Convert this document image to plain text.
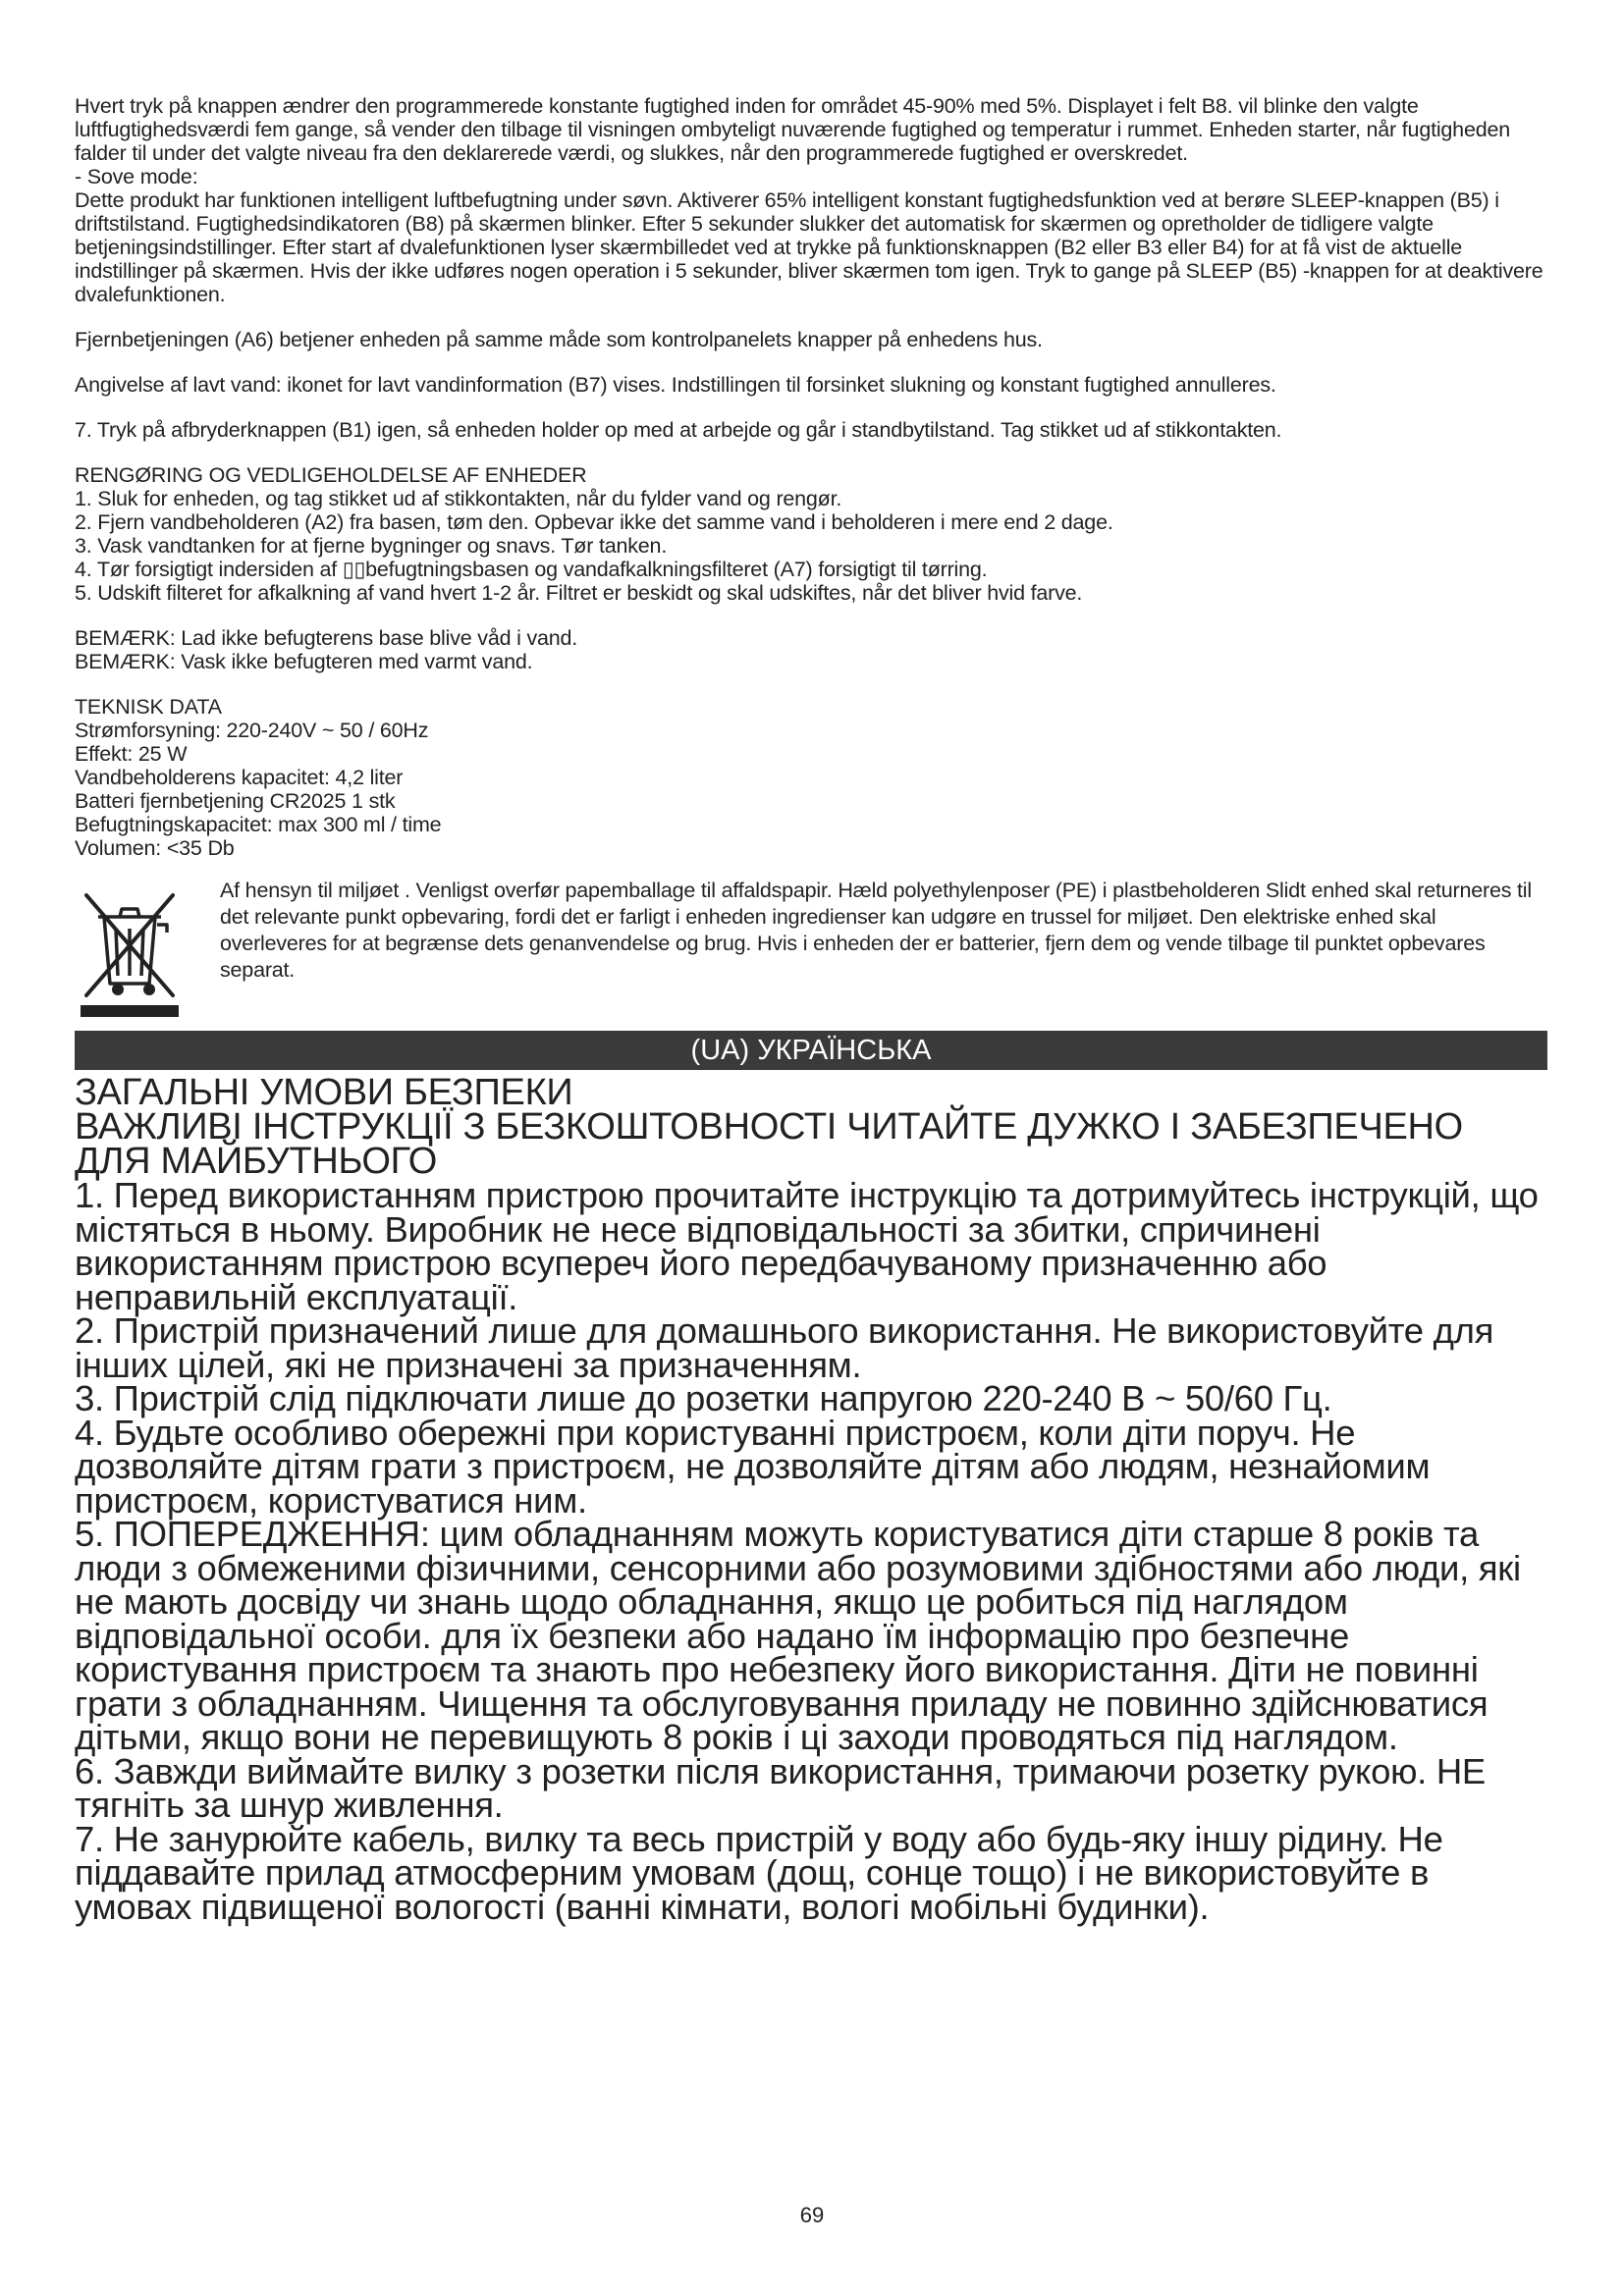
Hvert tryk på knappen ændrer den programmerede konstante fugtighed inden for området 45-90% med 5%. Displayet i felt B8. vil blinke den valgte luftfugtighedsværdi fem gange, så vender den tilbage til visningen ombyteligt nuværende fugtighed og temperatur i rummet. Enheden starter, når fugtigheden falder til under det valgte niveau fra den deklarerede værdi, og slukkes, når den programmerede fugtighed er overskredet.

- Sove mode:

Dette produkt har funktionen intelligent luftbefugtning under søvn. Aktiverer 65% intelligent konstant fugtighedsfunktion ved at berøre SLEEP-knappen (B5) i driftstilstand. Fugtighedsindikatoren (B8) på skærmen blinker. Efter 5 sekunder slukker det automatisk for skærmen og opretholder de tidligere valgte betjeningsindstillinger. Efter start af dvalefunktionen lyser skærmbilledet ved at trykke på funktionsknappen (B2 eller B3 eller B4) for at få vist de aktuelle indstillinger på skærmen. Hvis der ikke udføres nogen operation i 5 sekunder, bliver skærmen tom igen. Tryk to gange på SLEEP (B5) -knappen for at deaktivere dvalefunktionen.

Fjernbetjeningen (A6) betjener enheden på samme måde som kontrolpanelets knapper på enhedens hus.

Angivelse af lavt vand: ikonet for lavt vandinformation (B7) vises. Indstillingen til forsinket slukning og konstant fugtighed annulleres.

7. Tryk på afbryderknappen (B1) igen, så enheden holder op med at arbejde og går i standbytilstand. Tag stikket ud af stikkontakten.

RENGØRING OG VEDLIGEHOLDELSE AF ENHEDER

1. Sluk for enheden, og tag stikket ud af stikkontakten, når du fylder vand og rengør.

2. Fjern vandbeholderen (A2) fra basen, tøm den. Opbevar ikke det samme vand i beholderen i mere end 2 dage.

3. Vask vandtanken for at fjerne bygninger og snavs. Tør tanken.

4. Tør forsigtigt indersiden af ▯▯befugtningsbasen og vandafkalkningsfilteret (A7) forsigtigt til tørring.

5. Udskift filteret for afkalkning af vand hvert 1-2 år. Filtret er beskidt og skal udskiftes, når det bliver hvid farve.

BEMÆRK: Lad ikke befugterens base blive våd i vand.

BEMÆRK: Vask ikke befugteren med varmt vand.

TEKNISK DATA

Strømforsyning: 220-240V ~ 50 / 60Hz

Effekt: 25 W

Vandbeholderens kapacitet: 4,2 liter

Batteri fjernbetjening CR2025 1 stk

Befugtningskapacitet: max 300 ml / time

Volumen: <35 Db

Af hensyn til miljøet . Venligst overfør papemballage til affaldspapir. Hæld polyethylenposer (PE) i plastbeholderen Slidt enhed skal returneres til det relevante punkt opbevaring, fordi det er farligt i enheden ingredienser kan udgøre en trussel for miljøet. Den elektriske enhed skal overleveres for at begrænse dets genanvendelse og brug. Hvis i enheden der er batterier, fjern dem og vende tilbage til punktet opbevares separat.
(UA) УКРАЇНСЬКА

ЗАГАЛЬНІ УМОВИ БЕЗПЕКИ

ВАЖЛИВІ ІНСТРУКЦІЇ З БЕЗКОШТОВНОСТІ ЧИТАЙТЕ ДУЖКО І ЗАБЕЗПЕЧЕНО ДЛЯ МАЙБУТНЬОГО

1. Перед використанням пристрою прочитайте інструкцію та дотримуйтесь інструкцій, що містяться в ньому. Виробник не несе відповідальності за збитки, спричинені використанням пристрою всупереч його передбачуваному призначенню або неправильній експлуатації.

2. Пристрій призначений лише для домашнього використання. Не використовуйте для інших цілей, які не призначені за призначенням.

3. Пристрій слід підключати лише до розетки напругою 220-240 В ~ 50/60 Гц.

4. Будьте особливо обережні при користуванні пристроєм, коли діти поруч. Не дозволяйте дітям грати з пристроєм, не дозволяйте дітям або людям, незнайомим пристроєм, користуватися ним.

5. ПОПЕРЕДЖЕННЯ: цим обладнанням можуть користуватися діти старше 8 років та люди з обмеженими фізичними, сенсорними або розумовими здібностями або люди, які не мають досвіду чи знань щодо обладнання, якщо це робиться під наглядом відповідальної особи. для їх безпеки або надано їм інформацію про безпечне користування пристроєм та знають про небезпеку його використання. Діти не повинні грати з обладнанням. Чищення та обслуговування приладу не повинно здійснюватися дітьми, якщо вони не перевищують 8 років і ці заходи проводяться під наглядом.

6. Завжди виймайте вилку з розетки після використання, тримаючи розетку рукою. НЕ тягніть за шнур живлення.

7. Не занурюйте кабель, вилку та весь пристрій у воду або будь-яку іншу рідину. Не піддавайте прилад атмосферним умовам (дощ, сонце тощо) і не використовуйте в умовах підвищеної вологості (ванні кімнати, вологі мобільні будинки).

69
